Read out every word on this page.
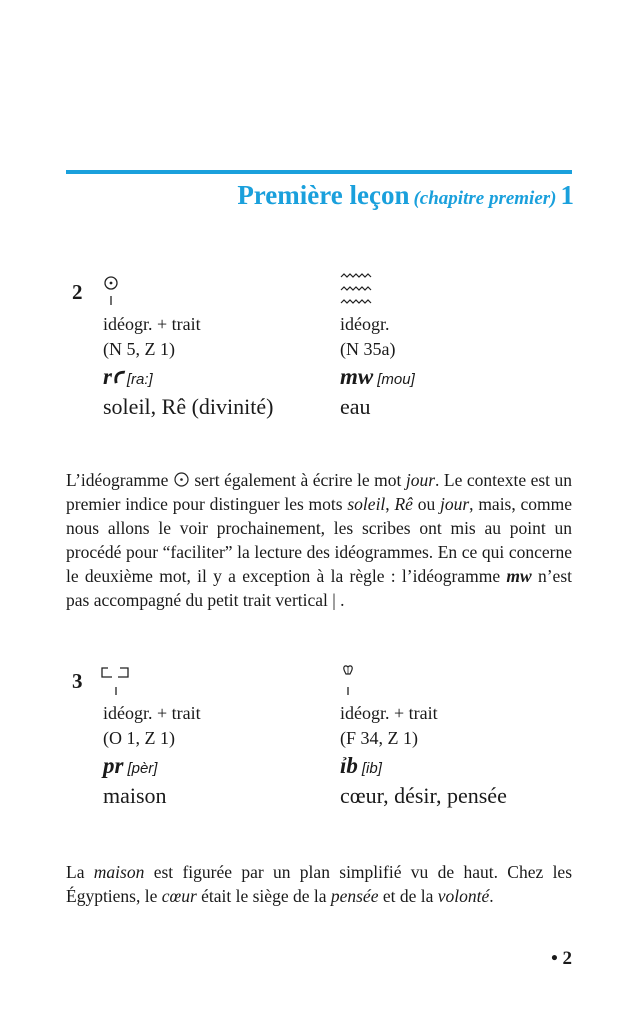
Première leçon (chapitre premier) 1
2
idéogr. + trait
(N 5, Z 1)
rꜥ [ra:]
soleil, Rê (divinité)
idéogr.
(N 35a)
mw [mou]
eau

L’idéogramme sert également à écrire le mot jour. Le contexte est un premier indice pour distinguer les mots soleil, Rê ou jour, mais, comme nous allons le voir prochainement, les scribes ont mis au point un procédé pour “faciliter” la lecture des idéogrammes. En ce qui concerne le deuxième mot, il y a exception à la règle : l’idéogramme mw n’est pas accompagné du petit trait vertical | .

3
idéogr. + trait
(O 1, Z 1)
pr [pèr]
maison
idéogr. + trait
(F 34, Z 1)
ỉb [ib]
cœur, désir, pensée

La maison est figurée par un plan simplifié vu de haut. Chez les Égyptiens, le cœur était le siège de la pensée et de la volonté.

• 2
